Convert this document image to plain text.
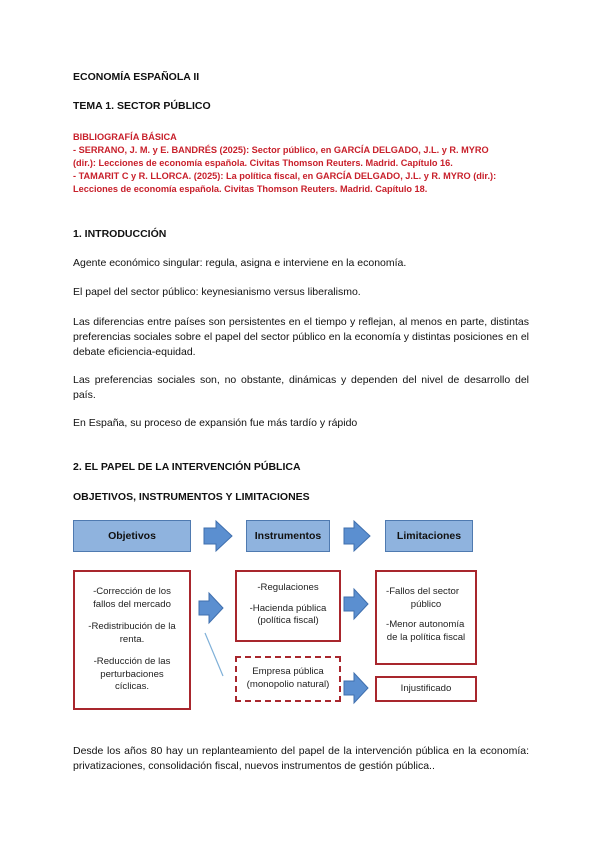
ECONOMÍA ESPAÑOLA II
TEMA 1. SECTOR PÚBLICO
BIBLIOGRAFÍA BÁSICA
- SERRANO, J. M. y E. BANDRÉS (2025): Sector público, en GARCÍA DELGADO, J.L. y R. MYRO
(dir.): Lecciones de economía española. Civitas Thomson Reuters. Madrid. Capítulo 16.
- TAMARIT C y R. LLORCA. (2025): La política fiscal, en GARCÍA DELGADO, J.L. y R. MYRO (dir.):
Lecciones de economía española. Civitas Thomson Reuters. Madrid. Capítulo 18.
1. INTRODUCCIÓN
Agente económico singular: regula, asigna e interviene en la economía.
El papel del sector público: keynesianismo versus liberalismo.
Las diferencias entre países son persistentes en el tiempo y reflejan, al menos en parte, distintas preferencias sociales sobre el papel del sector público en la economía y distintas posiciones en el debate eficiencia-equidad.
Las preferencias sociales son, no obstante, dinámicas y dependen del nivel de desarrollo del país.
En España, su proceso de expansión fue más tardío y rápido
2. EL PAPEL DE LA INTERVENCIÓN PÚBLICA
OBJETIVOS, INSTRUMENTOS Y LIMITACIONES
Objetivos	Instrumentos	Limitaciones

-Corrección de los

fallos del mercado

-Redistribución de la

renta.

-Reducción de las

perturbaciones

cíclicas.

-Regulaciones

-Hacienda pública

(política fiscal)

Empresa pública

(monopolio natural)

-Fallos del sector

público

-Menor autonomía

de la política fiscal

Injustificado

Desde los años 80 hay un replanteamiento del papel de la intervención pública en la economía: privatizaciones, consolidación fiscal, nuevos instrumentos de gestión pública..
